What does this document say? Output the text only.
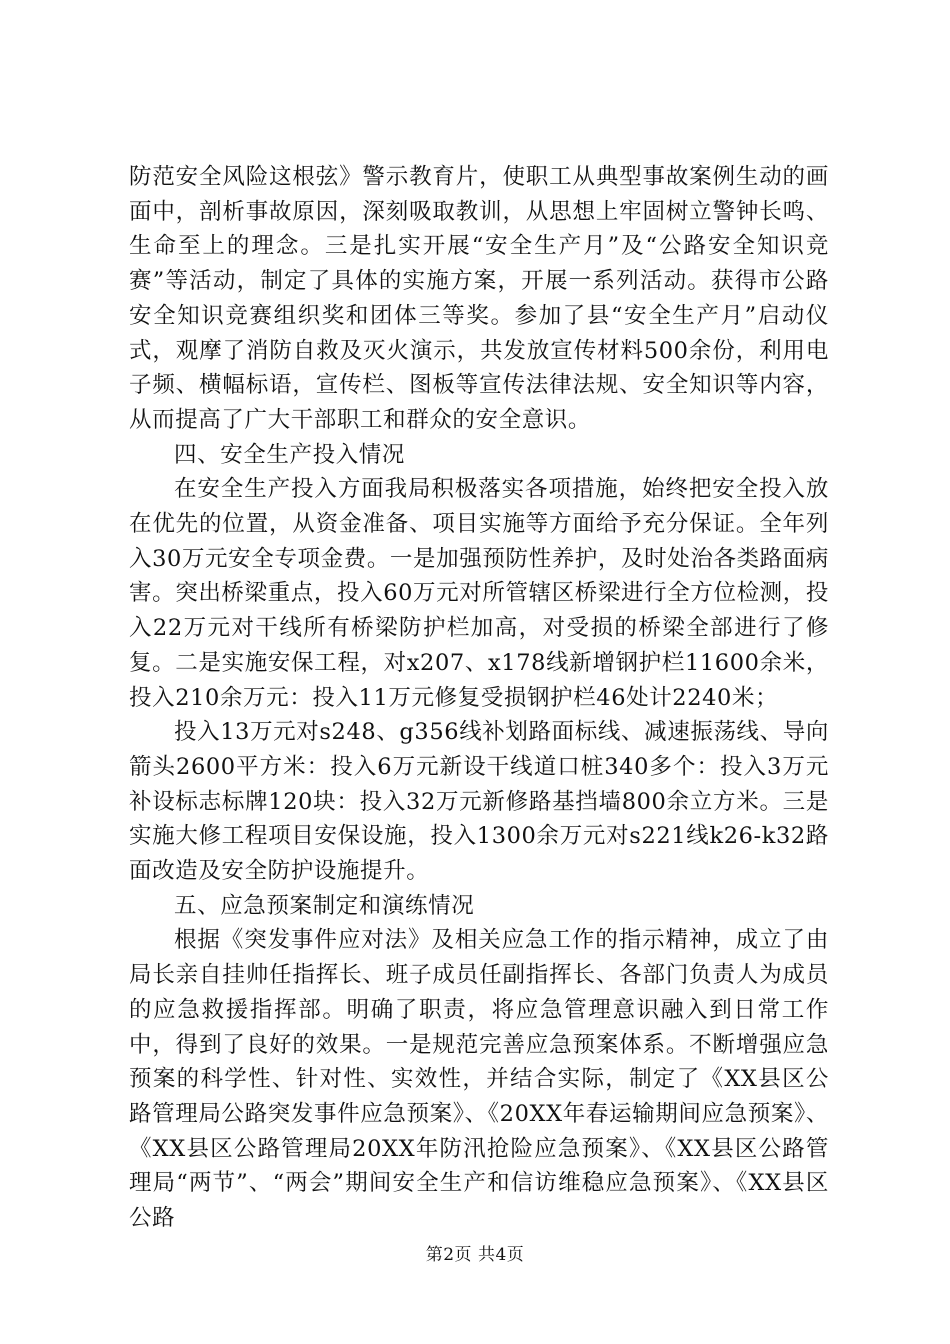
防范安全风险这根弦》警示教育片，使职工从典型事故案例生动的画面中，剖析事故原因，深刻吸取教训，从思想上牢固树立警钟长鸣、生命至上的理念。三是扎实开展“安全生产月”及“公路安全知识竞赛”等活动，制定了具体的实施方案，开展一系列活动。获得市公路安全知识竞赛组织奖和团体三等奖。参加了县“安全生产月”启动仪式，观摩了消防自救及灭火演示，共发放宣传材料500余份，利用电子频、横幅标语，宣传栏、图板等宣传法律法规、安全知识等内容，从而提高了广大干部职工和群众的安全意识。

四、安全生产投入情况

在安全生产投入方面我局积极落实各项措施，始终把安全投入放在优先的位置，从资金准备、项目实施等方面给予充分保证。全年列入30万元安全专项金费。一是加强预防性养护，及时处治各类路面病害。突出桥梁重点，投入60万元对所管辖区桥梁进行全方位检测，投入22万元对干线所有桥梁防护栏加高，对受损的桥梁全部进行了修复。二是实施安保工程，对x207、x178线新增钢护栏11600余米，投入210余万元：投入11万元修复受损钢护栏46处计2240米；

投入13万元对s248、g356线补划路面标线、减速振荡线、导向箭头2600平方米：投入6万元新设干线道口桩340多个：投入3万元补设标志标牌120块：投入32万元新修路基挡墙800余立方米。三是实施大修工程项目安保设施，投入1300余万元对s221线k26-k32路面改造及安全防护设施提升。

五、应急预案制定和演练情况

根据《突发事件应对法》及相关应急工作的指示精神，成立了由局长亲自挂帅任指挥长、班子成员任副指挥长、各部门负责人为成员的应急救援指挥部。明确了职责，将应急管理意识融入到日常工作中，得到了良好的效果。一是规范完善应急预案体系。不断增强应急预案的科学性、针对性、实效性，并结合实际，制定了《XX县区公路管理局公路突发事件应急预案》、《20XX年春运输期间应急预案》、《XX县区公路管理局20XX年防汛抢险应急预案》、《XX县区公路管理局“两节”、“两会”期间安全生产和信访维稳应急预案》、《XX县区公路

第2页 共4页
